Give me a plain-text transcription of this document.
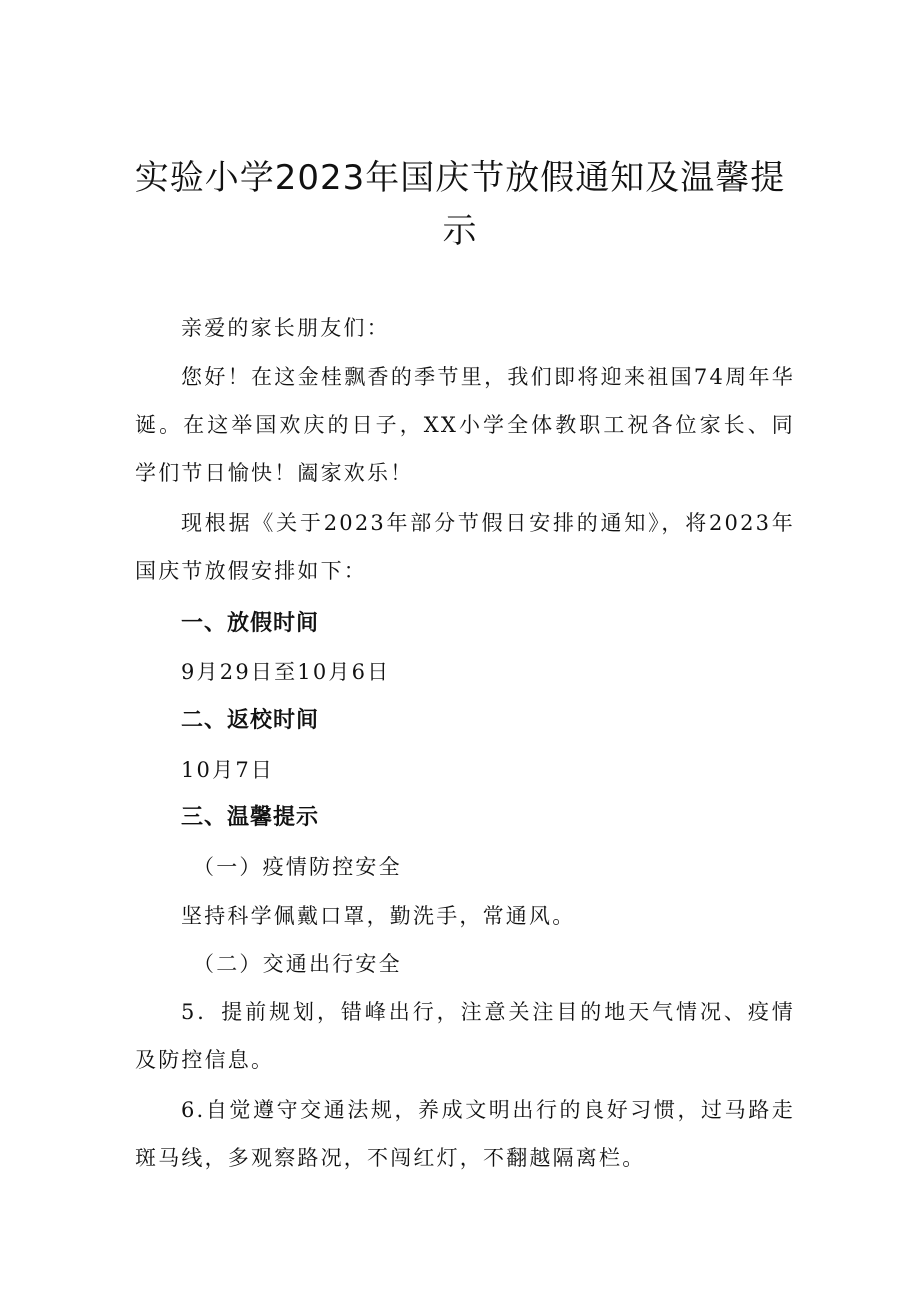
实验小学2023年国庆节放假通知及温馨提示

亲爱的家长朋友们：

您好！在这金桂飘香的季节里，我们即将迎来祖国74周年华诞。在这举国欢庆的日子，XX小学全体教职工祝各位家长、同学们节日愉快！阖家欢乐！

现根据《关于2023年部分节假日安排的通知》，将2023年国庆节放假安排如下：

一、放假时间

9月29日至10月6日

二、返校时间

10月7日

三、温馨提示

（一）疫情防控安全

坚持科学佩戴口罩，勤洗手，常通风。

（二）交通出行安全

5．提前规划，错峰出行，注意关注目的地天气情况、疫情及防控信息。

6.自觉遵守交通法规，养成文明出行的良好习惯，过马路走斑马线，多观察路况，不闯红灯，不翻越隔离栏。
